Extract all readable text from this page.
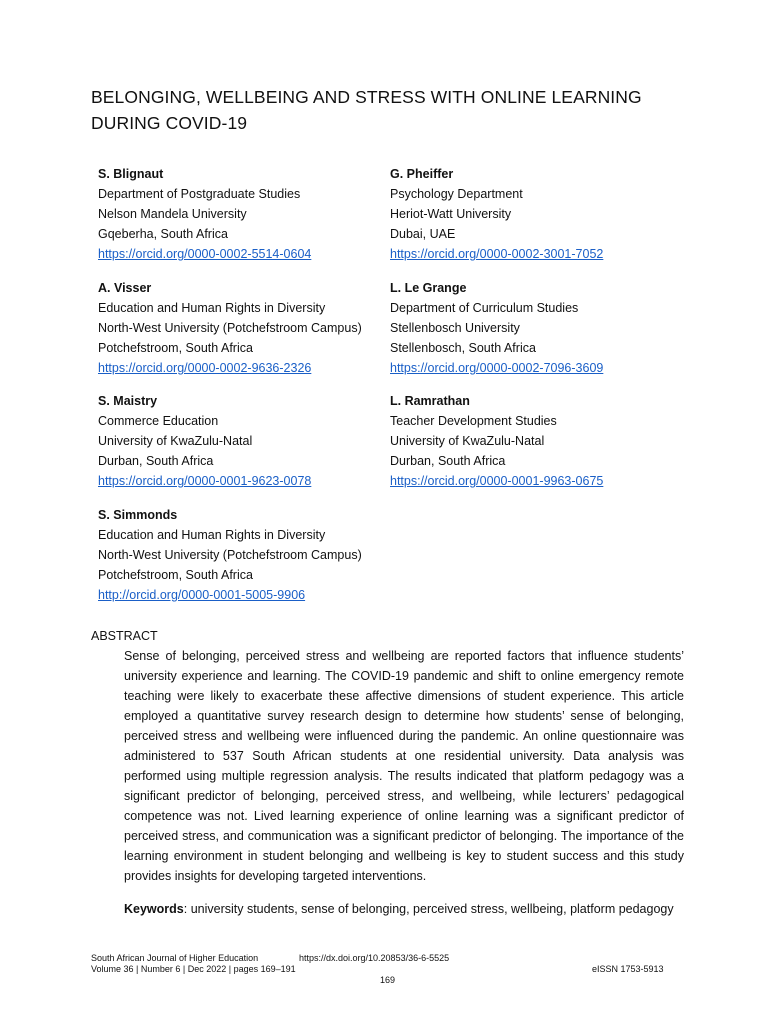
BELONGING, WELLBEING AND STRESS WITH ONLINE LEARNING
DURING COVID-19
S. Blignaut
Department of Postgraduate Studies
Nelson Mandela University
Gqeberha, South Africa
https://orcid.org/0000-0002-5514-0604
G. Pheiffer
Psychology Department
Heriot-Watt University
Dubai, UAE
https://orcid.org/0000-0002-3001-7052
A. Visser
Education and Human Rights in Diversity
North-West University (Potchefstroom Campus)
Potchefstroom, South Africa
https://orcid.org/0000-0002-9636-2326
L. Le Grange
Department of Curriculum Studies
Stellenbosch University
Stellenbosch, South Africa
https://orcid.org/0000-0002-7096-3609
S. Maistry
Commerce Education
University of KwaZulu-Natal
Durban, South Africa
https://orcid.org/0000-0001-9623-0078
L. Ramrathan
Teacher Development Studies
University of KwaZulu-Natal
Durban, South Africa
https://orcid.org/0000-0001-9963-0675
S. Simmonds
Education and Human Rights in Diversity
North-West University (Potchefstroom Campus)
Potchefstroom, South Africa
http://orcid.org/0000-0001-5005-9906
ABSTRACT

Sense of belonging, perceived stress and wellbeing are reported factors that influence students’ university experience and learning. The COVID-19 pandemic and shift to online emergency remote teaching were likely to exacerbate these affective dimensions of student experience. This article employed a quantitative survey research design to determine how students’ sense of belonging, perceived stress and wellbeing were influenced during the pandemic. An online questionnaire was administered to 537 South African students at one residential university. Data analysis was performed using multiple regression analysis. The results indicated that platform pedagogy was a significant predictor of belonging, perceived stress, and wellbeing, while lecturers’ pedagogical competence was not. Lived learning experience of online learning was a significant predictor of perceived stress, and communication was a significant predictor of belonging. The importance of the learning environment in student belonging and wellbeing is key to student success and this study provides insights for developing targeted interventions.

Keywords: university students, sense of belonging, perceived stress, wellbeing, platform pedagogy
South African Journal of Higher Education	https://dx.doi.org/10.20853/36-6-5525
Volume 36 | Number 6 | Dec 2022 | pages 169–191	eISSN 1753-5913
169
